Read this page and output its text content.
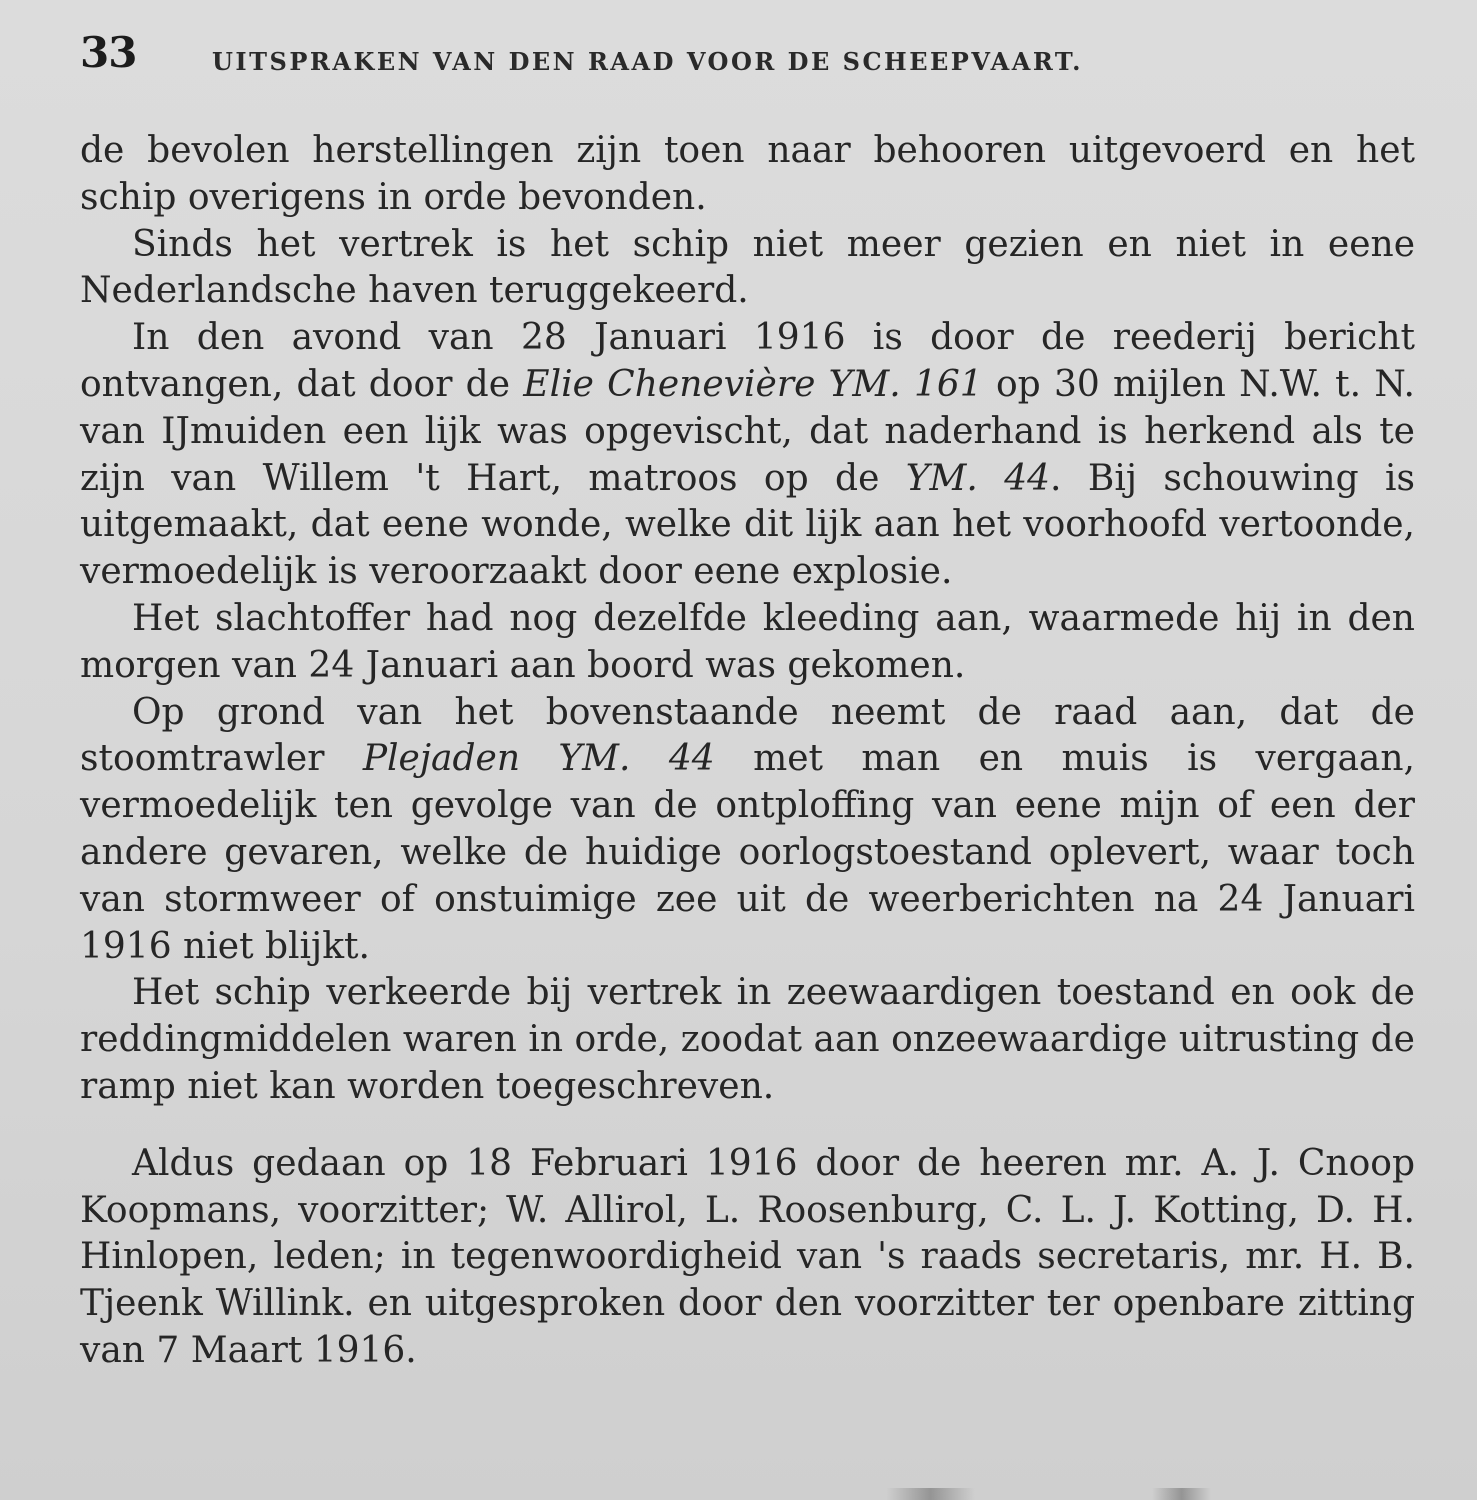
33	UITSPRAKEN VAN DEN RAAD VOOR DE SCHEEPVAART.

de bevolen herstellingen zijn toen naar behooren uitgevoerd en het schip overigens in orde bevonden.

Sinds het vertrek is het schip niet meer gezien en niet in eene Nederlandsche haven teruggekeerd.

In den avond van 28 Januari 1916 is door de reederij bericht ontvangen, dat door de Elie Chenevière YM. 161 op 30 mijlen N.W. t. N. van IJmuiden een lijk was opgevischt, dat naderhand is herkend als te zijn van Willem 't Hart, matroos op de YM. 44. Bij schouwing is uitgemaakt, dat eene wonde, welke dit lijk aan het voorhoofd vertoonde, vermoedelijk is veroorzaakt door eene explosie.

Het slachtoffer had nog dezelfde kleeding aan, waarmede hij in den morgen van 24 Januari aan boord was gekomen.

Op grond van het bovenstaande neemt de raad aan, dat de stoomtrawler Plejaden YM. 44 met man en muis is vergaan, vermoedelijk ten gevolge van de ontploffing van eene mijn of een der andere gevaren, welke de huidige oorlogstoestand oplevert, waar toch van stormweer of onstuimige zee uit de weerberichten na 24 Januari 1916 niet blijkt.

Het schip verkeerde bij vertrek in zeewaardigen toestand en ook de reddingmiddelen waren in orde, zoodat aan onzeewaardige uitrusting de ramp niet kan worden toegeschreven.

Aldus gedaan op 18 Februari 1916 door de heeren mr. A. J. Cnoop Koopmans, voorzitter; W. Allirol, L. Roosenburg, C. L. J. Kotting, D. H. Hinlopen, leden; in tegenwoordigheid van 's raads secretaris, mr. H. B. Tjeenk Willink. en uitgesproken door den voorzitter ter openbare zitting van 7 Maart 1916.
